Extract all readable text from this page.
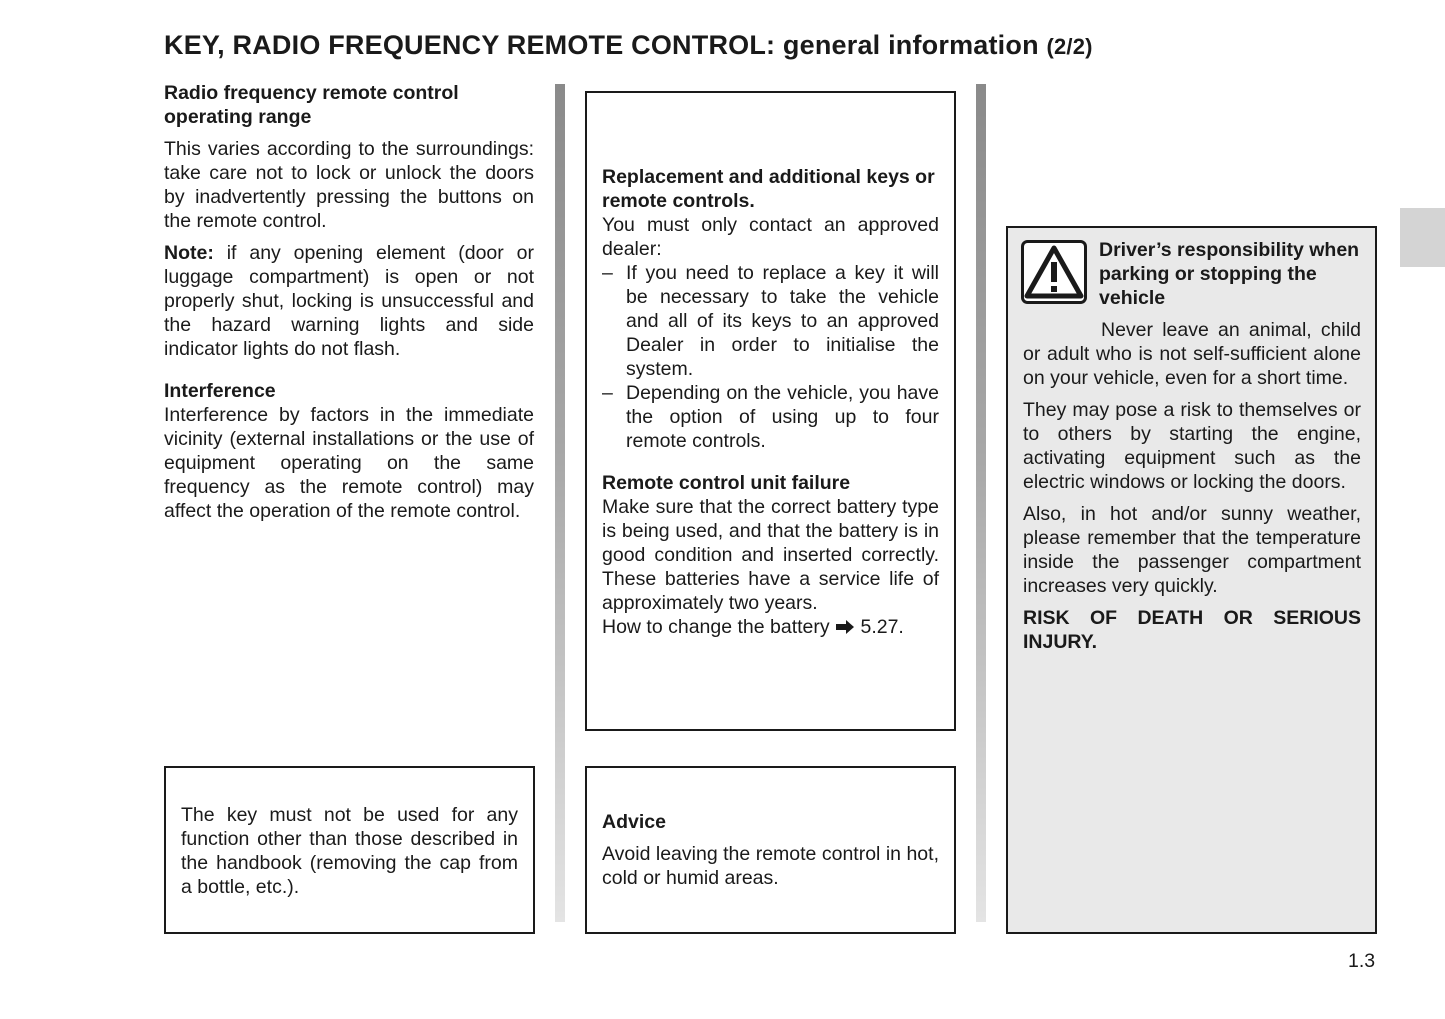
KEY, RADIO FREQUENCY REMOTE CONTROL: general information (2/2)

Radio frequency remote control
operating range

This varies according to the surroundings: take care not to lock or unlock the doors by inadvertently pressing the buttons on the remote control.

Note: if any opening element (door or luggage compartment) is open or not properly shut, locking is unsuccessful and the hazard warning lights and side indicator lights do not flash.

Interference

Interference by factors in the immediate vicinity (external installations or the use of equipment operating on the same frequency as the remote control) may affect the operation of the remote control.

The key must not be used for any function other than those described in the handbook (removing the cap from a bottle, etc.).

Replacement and additional keys or remote controls.

You must only contact an approved dealer:

– If you need to replace a key it will be necessary to take the vehicle and all of its keys to an approved Dealer in order to initialise the system.
– Depending on the vehicle, you have the option of using up to four remote controls.

Remote control unit failure

Make sure that the correct battery type is being used, and that the battery is in good condition and inserted correctly. These batteries have a service life of approximately two years.

How to change the battery  5.27.

Advice

Avoid leaving the remote control in hot, cold or humid areas.

Driver’s responsibility when parking or stopping the vehicle

Never leave an animal, child or adult who is not self-sufficient alone on your vehicle, even for a short time.

They may pose a risk to themselves or to others by starting the engine, activating equipment such as the electric windows or locking the doors.

Also, in hot and/or sunny weather, please remember that the temperature inside the passenger compartment increases very quickly.

RISK OF DEATH OR SERIOUS INJURY.

1.3
